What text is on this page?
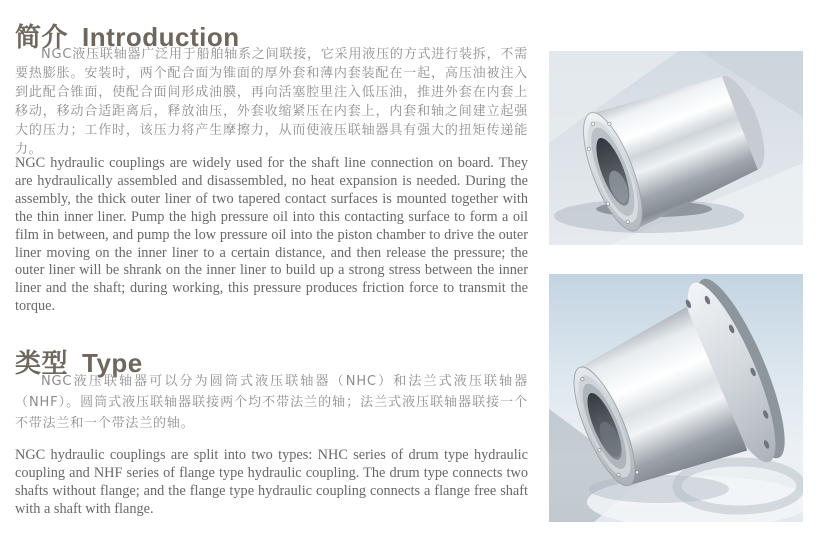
简介 Introduction

NGC液压联轴器广泛用于船舶轴系之间联接，它采用液压的方式进行装拆，不需要热膨胀。安装时，两个配合面为锥面的厚外套和薄内套装配在一起，高压油被注入到此配合锥面，使配合面间形成油膜，再向活塞腔里注入低压油，推进外套在内套上移动，移动合适距离后，释放油压，外套收缩紧压在内套上，内套和轴之间建立起强大的压力；工作时，该压力将产生摩擦力，从而使液压联轴器具有强大的扭矩传递能力。

NGC hydraulic couplings are widely used for the shaft line connection on board. They are hydraulically assembled and disassembled, no heat expansion is needed. During the assembly, the thick outer liner of two tapered contact surfaces is mounted together with the thin inner liner. Pump the high pressure oil into this contacting surface to form a oil film in between, and pump the low pressure oil into the piston chamber to drive the outer liner moving on the inner liner to a certain distance, and then release the pressure; the outer liner will be shrank on the inner liner to build up a strong stress between the inner liner and the shaft; during working, this pressure produces friction force to transmit the torque.

类型 Type

NGC液压联轴器可以分为圆筒式液压联轴器（NHC）和法兰式液压联轴器（NHF）。圆筒式液压联轴器联接两个均不带法兰的轴；法兰式液压联轴器联接一个不带法兰和一个带法兰的轴。

NGC hydraulic couplings are split into two types: NHC series of drum type hydraulic coupling and NHF series of flange type hydraulic coupling. The drum type connects two shafts without flange; and the flange type hydraulic coupling connects a flange free shaft with a shaft with flange.
